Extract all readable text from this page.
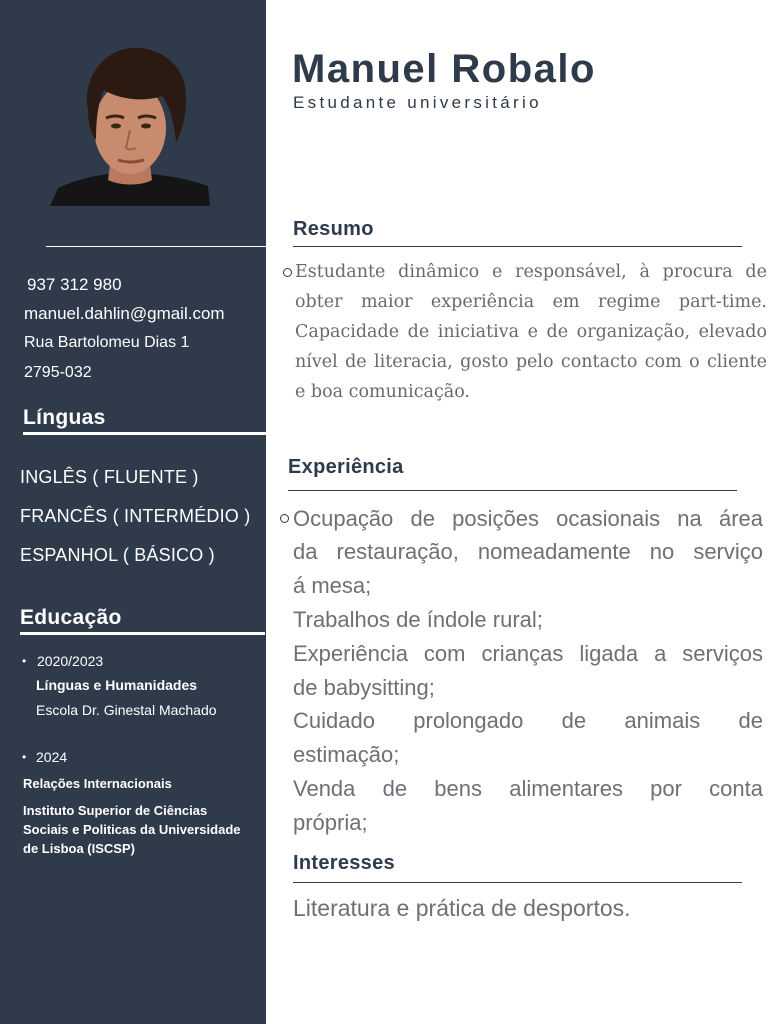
937 312 980
manuel.dahlin@gmail.com
Rua Bartolomeu Dias 1
2795-032
Línguas
INGLÊS ( FLUENTE )
FRANCÊS ( INTERMÉDIO )
ESPANHOL ( BÁSICO )
Educação
• 2020/2023
Línguas e Humanidades
Escola Dr. Ginestal Machado
• 2024
Relações Internacionais
Instituto Superior de Ciências
Sociais e Politicas da Universidade
de Lisboa (ISCSP)
Manuel Robalo
Estudante universitário
Resumo
Estudante dinâmico e responsável, à procura de obter maior experiência em regime part-time. Capacidade de iniciativa e de organização, elevado nível de literacia, gosto pelo contacto com o cliente e boa comunicação.
Experiência
Ocupação de posições ocasionais na área
da restauração, nomeadamente no serviço
á mesa;
Trabalhos de índole rural;
Experiência com crianças ligada a serviços
de babysitting;
Cuidado prolongado de animais de
estimação;
Venda de bens alimentares por conta
própria;
Interesses
Literatura e prática de desportos.
